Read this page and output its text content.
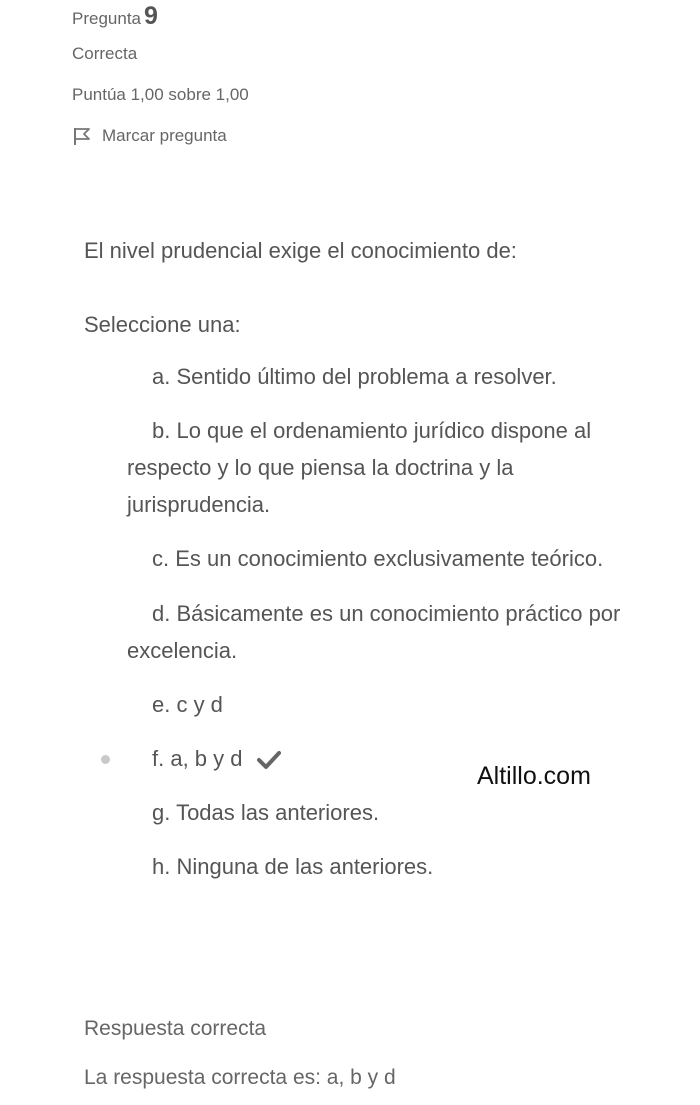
Pregunta 9
Correcta
Puntúa 1,00 sobre 1,00
Marcar pregunta
El nivel prudencial exige el conocimiento de:
Seleccione una:
a. Sentido último del problema a resolver.
b. Lo que el ordenamiento jurídico dispone al respecto y lo que piensa la doctrina y la jurisprudencia.
c. Es un conocimiento exclusivamente teórico.
d. Básicamente es un conocimiento práctico por excelencia.
e. c y d
f. a, b y d
g. Todas las anteriores.
h. Ninguna de las anteriores.
Altillo.com
Respuesta correcta
La respuesta correcta es: a, b y d
